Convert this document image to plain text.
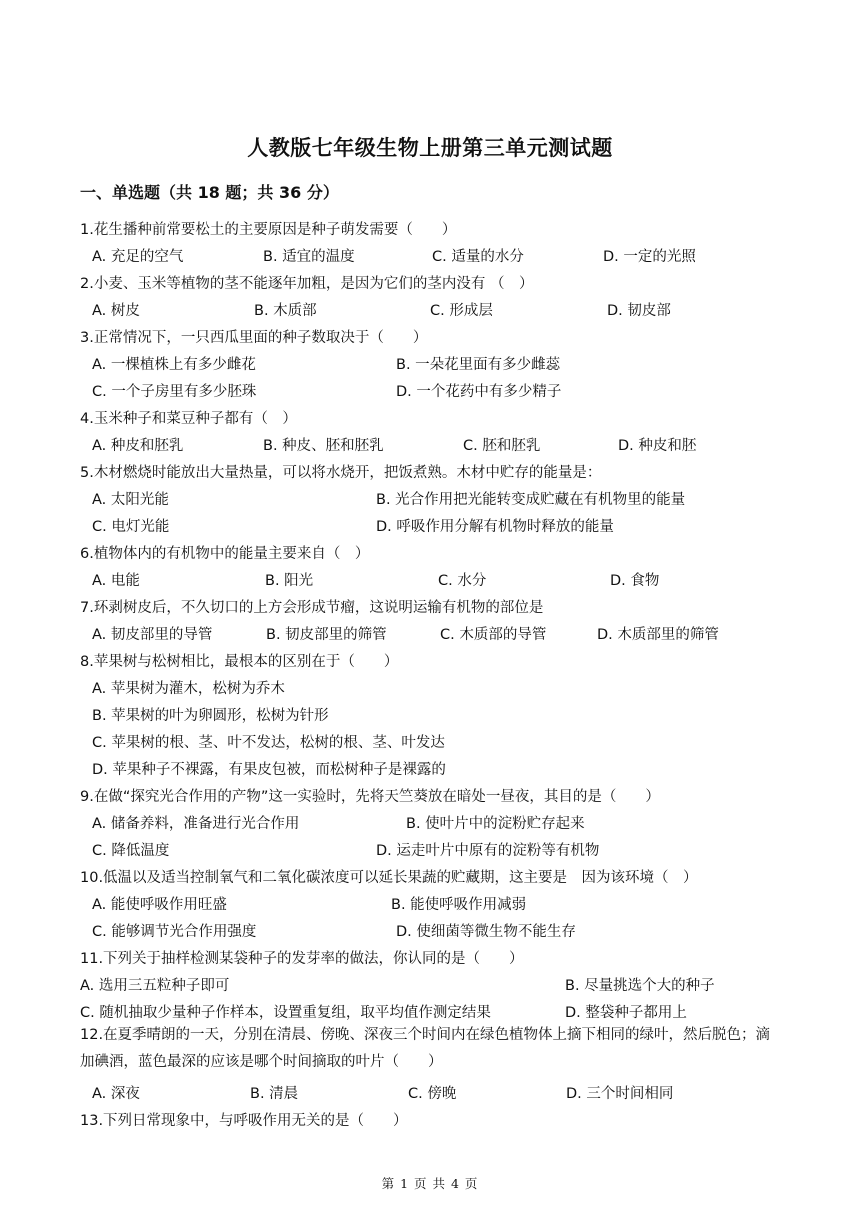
人教版七年级生物上册第三单元测试题
一、单选题（共 18 题；共 36 分）
1.花生播种前常要松土的主要原因是种子萌发需要（　　）
A. 充足的空气	B. 适宜的温度	C. 适量的水分	D. 一定的光照
2.小麦、玉米等植物的茎不能逐年加粗，是因为它们的茎内没有 （　）
A. 树皮	B. 木质部	C. 形成层	D. 韧皮部
3.正常情况下，一只西瓜里面的种子数取决于（　　）
A. 一棵植株上有多少雌花	B. 一朵花里面有多少雌蕊
C. 一个子房里有多少胚珠	D. 一个花药中有多少精子
4.玉米种子和菜豆种子都有（　）
A. 种皮和胚乳	B. 种皮、胚和胚乳	C. 胚和胚乳	D. 种皮和胚
5.木材燃烧时能放出大量热量，可以将水烧开，把饭煮熟。木材中贮存的能量是：
A. 太阳光能	B. 光合作用把光能转变成贮藏在有机物里的能量
C. 电灯光能	D. 呼吸作用分解有机物时释放的能量
6.植物体内的有机物中的能量主要来自（　）
A. 电能	B. 阳光	C. 水分	D. 食物
7.环剥树皮后，不久切口的上方会形成节瘤，这说明运输有机物的部位是
A. 韧皮部里的导管	B. 韧皮部里的筛管	C. 木质部的导管	D. 木质部里的筛管
8.苹果树与松树相比，最根本的区别在于（　　）
A. 苹果树为灌木，松树为乔木
B. 苹果树的叶为卵圆形，松树为针形
C. 苹果树的根、茎、叶不发达，松树的根、茎、叶发达
D. 苹果种子不裸露，有果皮包被，而松树种子是裸露的
9.在做“探究光合作用的产物”这一实验时，先将天竺葵放在暗处一昼夜，其目的是（　　）
A. 储备养料，准备进行光合作用	B. 使叶片中的淀粉贮存起来
C. 降低温度	D. 运走叶片中原有的淀粉等有机物
10.低温以及适当控制氧气和二氧化碳浓度可以延长果蔬的贮藏期，这主要是　因为该环境（　）
A. 能使呼吸作用旺盛	B. 能使呼吸作用减弱
C. 能够调节光合作用强度	D. 使细菌等微生物不能生存
11.下列关于抽样检测某袋种子的发芽率的做法，你认同的是（　　）
A. 选用三五粒种子即可	B. 尽量挑选个大的种子
C. 随机抽取少量种子作样本，设置重复组，取平均值作测定结果	D. 整袋种子都用上
12.在夏季晴朗的一天，分别在清晨、傍晚、深夜三个时间内在绿色植物体上摘下相同的绿叶，然后脱色；滴加碘酒，蓝色最深的应该是哪个时间摘取的叶片（　　）
A. 深夜	B. 清晨	C. 傍晚	D. 三个时间相同
13.下列日常现象中，与呼吸作用无关的是（　　）
第 1 页 共 4 页
